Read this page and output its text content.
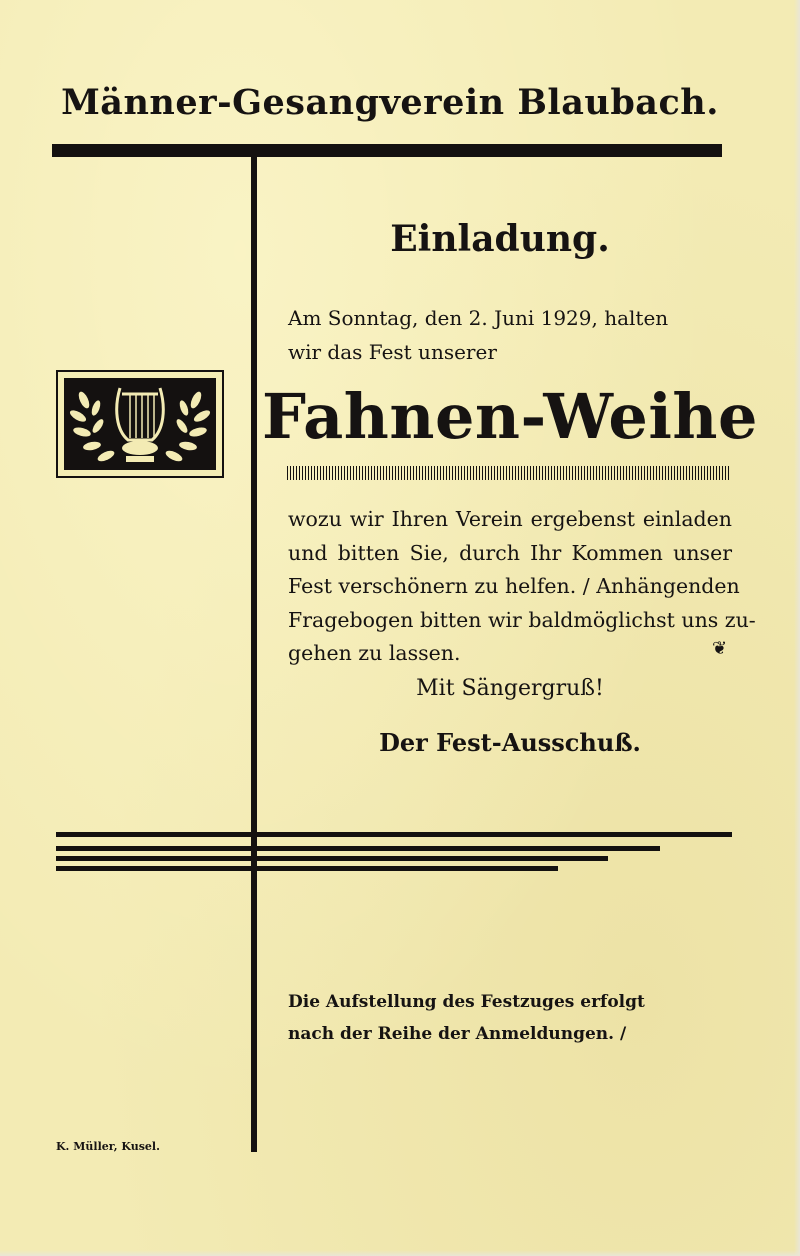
Männer-Gesangverein Blaubach.
Einladung.
Am Sonntag, den 2. Juni 1929, halten
wir das Fest unserer
Fahnen-Weihe
wozu wir Ihren Verein ergebenst einladen
und bitten Sie, durch Ihr Kommen unser
Fest verschönern zu helfen. / Anhängenden
Fragebogen bitten wir baldmöglichst uns zu-
gehen zu lassen.	❦
Mit Sängergruß!
Der Fest-Ausschuß.
Die Aufstellung des Festzuges erfolgt
nach der Reihe der Anmeldungen. /
K. Müller, Kusel.
